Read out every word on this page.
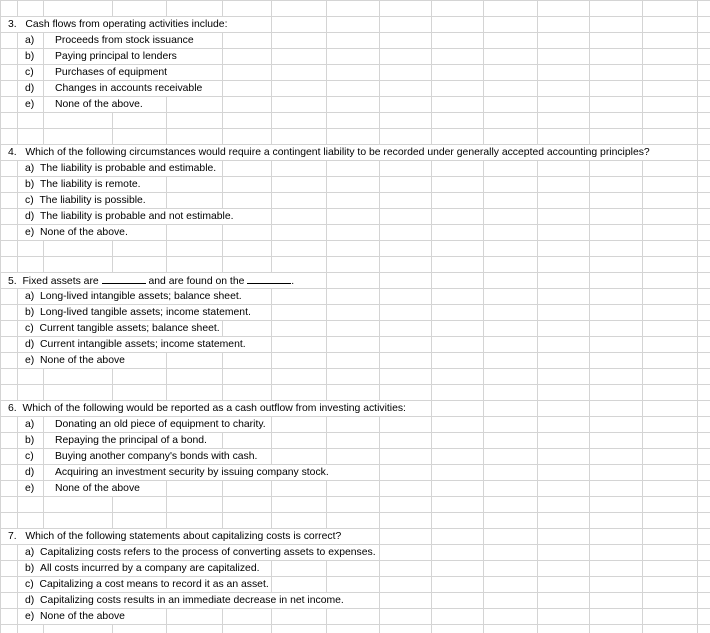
3. Cash flows from operating activities include:
a) Proceeds from stock issuance
b) Paying principal to lenders
c) Purchases of equipment
d) Changes in accounts receivable
e) None of the above.
4. Which of the following circumstances would require a contingent liability to be recorded under generally accepted accounting principles?
a) The liability is probable and estimable.
b) The liability is remote.
c) The liability is possible.
d) The liability is probable and not estimable.
e) None of the above.
5. Fixed assets are	and are found on the	.
a) Long-lived intangible assets; balance sheet.
b) Long-lived tangible assets; income statement.
c) Current tangible assets; balance sheet.
d) Current intangible assets; income statement.
e) None of the above
6. Which of the following would be reported as a cash outflow from investing activities:
a) Donating an old piece of equipment to charity.
b) Repaying the principal of a bond.
c) Buying another company's bonds with cash.
d) Acquiring an investment security by issuing company stock.
e) None of the above
7. Which of the following statements about capitalizing costs is correct?
a) Capitalizing costs refers to the process of converting assets to expenses.
b) All costs incurred by a company are capitalized.
c) Capitalizing a cost means to record it as an asset.
d) Capitalizing costs results in an immediate decrease in net income.
e) None of the above
